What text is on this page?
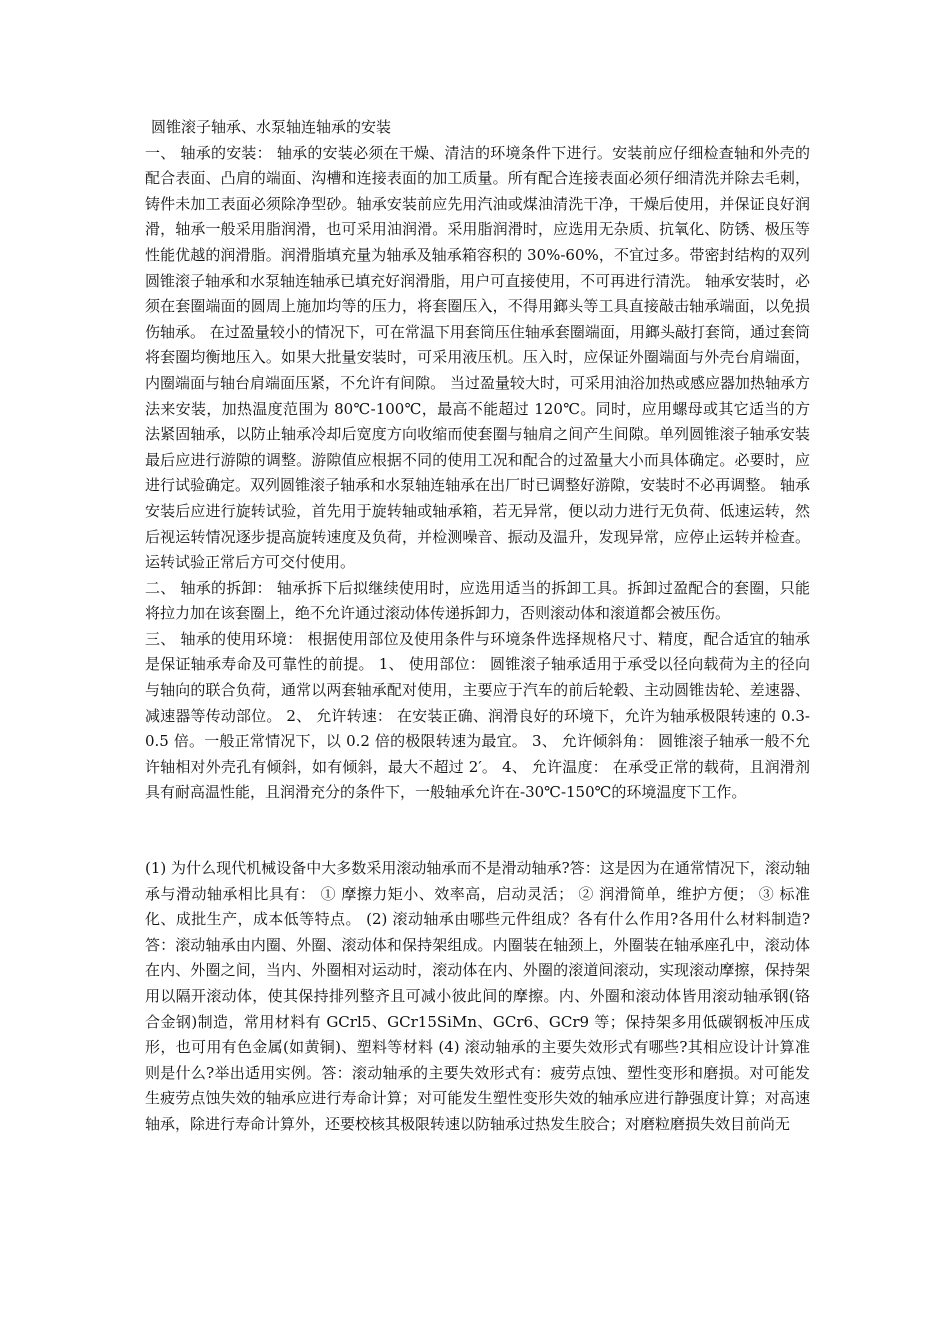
圆锥滚子轴承、水泵轴连轴承的安装

一、 轴承的安装： 轴承的安装必须在干燥、清洁的环境条件下进行。安装前应仔细检查轴和外壳的配合表面、凸肩的端面、沟槽和连接表面的加工质量。所有配合连接表面必须仔细清洗并除去毛刺，铸件未加工表面必须除净型砂。轴承安装前应先用汽油或煤油清洗干净，干燥后使用，并保证良好润滑，轴承一般采用脂润滑，也可采用油润滑。采用脂润滑时，应选用无杂质、抗氧化、防锈、极压等性能优越的润滑脂。润滑脂填充量为轴承及轴承箱容积的 30%-60%，不宜过多。带密封结构的双列圆锥滚子轴承和水泵轴连轴承已填充好润滑脂，用户可直接使用，不可再进行清洗。 轴承安装时，必须在套圈端面的圆周上施加均等的压力，将套圈压入，不得用鎯头等工具直接敲击轴承端面，以免损伤轴承。 在过盈量较小的情况下，可在常温下用套筒压住轴承套圈端面，用鎯头敲打套筒，通过套筒将套圈均衡地压入。如果大批量安装时，可采用液压机。压入时，应保证外圈端面与外壳台肩端面，内圈端面与轴台肩端面压紧，不允许有间隙。 当过盈量较大时，可采用油浴加热或感应器加热轴承方法来安装，加热温度范围为 80℃-100℃，最高不能超过 120℃。同时，应用螺母或其它适当的方法紧固轴承，以防止轴承冷却后宽度方向收缩而使套圈与轴肩之间产生间隙。单列圆锥滚子轴承安装最后应进行游隙的调整。游隙值应根据不同的使用工况和配合的过盈量大小而具体确定。必要时，应进行试验确定。双列圆锥滚子轴承和水泵轴连轴承在出厂时已调整好游隙，安装时不必再调整。 轴承安装后应进行旋转试验，首先用于旋转轴或轴承箱，若无异常，便以动力进行无负荷、低速运转，然后视运转情况逐步提高旋转速度及负荷，并检测噪音、振动及温升，发现异常，应停止运转并检查。运转试验正常后方可交付使用。

二、 轴承的拆卸： 轴承拆下后拟继续使用时，应选用适当的拆卸工具。拆卸过盈配合的套圈，只能将拉力加在该套圈上，绝不允许通过滚动体传递拆卸力，否则滚动体和滚道都会被压伤。

三、 轴承的使用环境： 根据使用部位及使用条件与环境条件选择规格尺寸、精度，配合适宜的轴承是保证轴承寿命及可靠性的前提。 1、 使用部位： 圆锥滚子轴承适用于承受以径向载荷为主的径向与轴向的联合负荷，通常以两套轴承配对使用，主要应于汽车的前后轮毂、主动圆锥齿轮、差速器、减速器等传动部位。 2、 允许转速： 在安装正确、润滑良好的环境下，允许为轴承极限转速的 0.3-0.5 倍。一般正常情况下，以 0.2 倍的极限转速为最宜。 3、 允许倾斜角： 圆锥滚子轴承一般不允许轴相对外壳孔有倾斜，如有倾斜，最大不超过 2′。 4、 允许温度： 在承受正常的载荷，且润滑剂具有耐高温性能，且润滑充分的条件下，一般轴承允许在-30℃-150℃的环境温度下工作。

(1) 为什么现代机械设备中大多数采用滚动轴承而不是滑动轴承?答：这是因为在通常情况下，滚动轴承与滑动轴承相比具有： ① 摩擦力矩小、效率高，启动灵活； ② 润滑简单，维护方便； ③ 标准化、成批生产，成本低等特点。 (2) 滚动轴承由哪些元件组成？各有什么作用?各用什么材料制造?答：滚动轴承由内圈、外圈、滚动体和保持架组成。内圈装在轴颈上，外圈装在轴承座孔中，滚动体在内、外圈之间，当内、外圈相对运动时，滚动体在内、外圈的滚道间滚动，实现滚动摩擦，保持架用以隔开滚动体，使其保持排列整齐且可减小彼此间的摩擦。内、外圈和滚动体皆用滚动轴承钢(铬合金钢)制造，常用材料有 GCrl5、GCr15SiMn、GCr6、GCr9 等；保持架多用低碳钢板冲压成形，也可用有色金属(如黄铜)、塑料等材料 (4) 滚动轴承的主要失效形式有哪些?其相应设计计算准则是什么?举出适用实例。答：滚动轴承的主要失效形式有：疲劳点蚀、塑性变形和磨损。对可能发生疲劳点蚀失效的轴承应进行寿命计算；对可能发生塑性变形失效的轴承应进行静强度计算；对高速轴承，除进行寿命计算外，还要校核其极限转速以防轴承过热发生胶合；对磨粒磨损失效目前尚无
